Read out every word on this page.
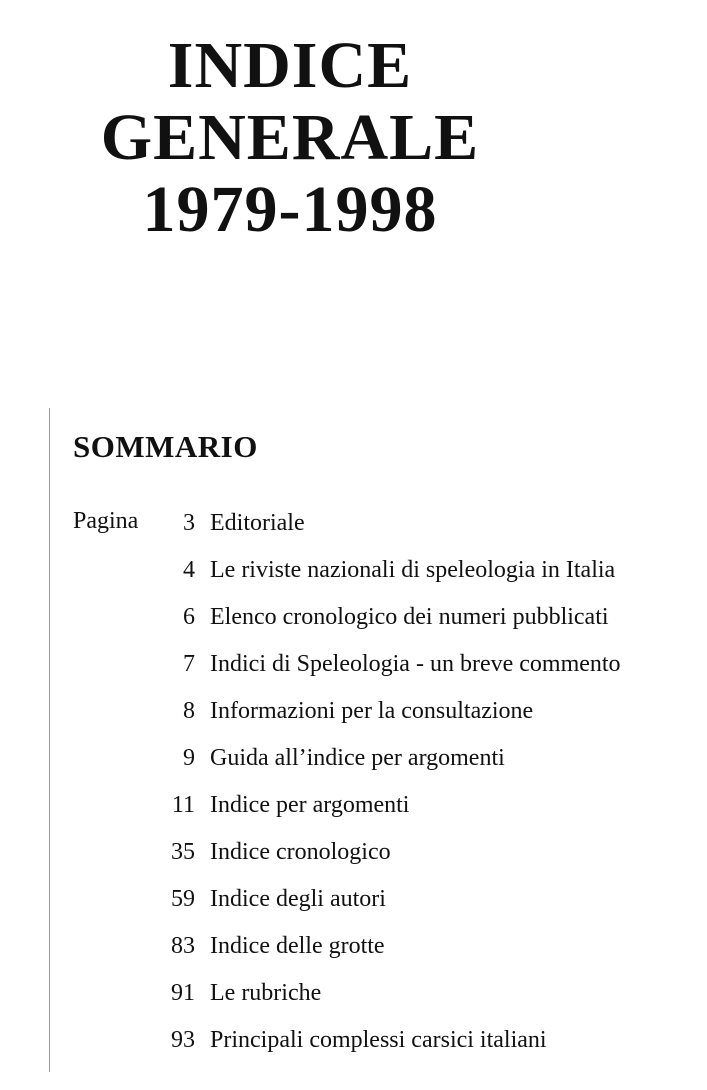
INDICE
GENERALE
1979-1998
SOMMARIO
Pagina	3 Editoriale
4 Le riviste nazionali di speleologia in Italia
6 Elenco cronologico dei numeri pubblicati
7 Indici di Speleologia - un breve commento
8 Informazioni per la consultazione
9 Guida all’indice per argomenti
11 Indice per argomenti
35 Indice cronologico
59 Indice degli autori
83 Indice delle grotte
91 Le rubriche
93 Principali complessi carsici italiani
